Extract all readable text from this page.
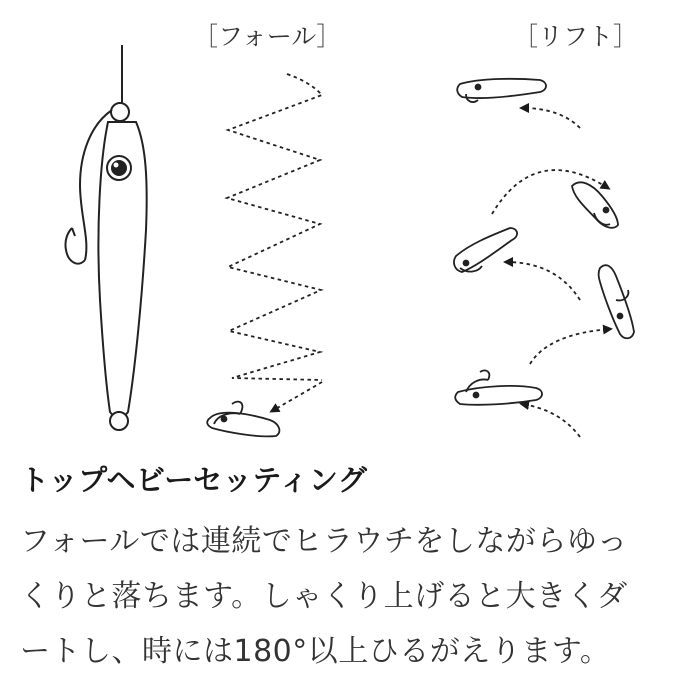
［フォール］	［リフト］
トップヘビーセッティング

フォールでは連続でヒラウチをしながらゆっ
くりと落ちます。しゃくり上げると大きくダ
ートし、時には180°以上ひるがえります。
